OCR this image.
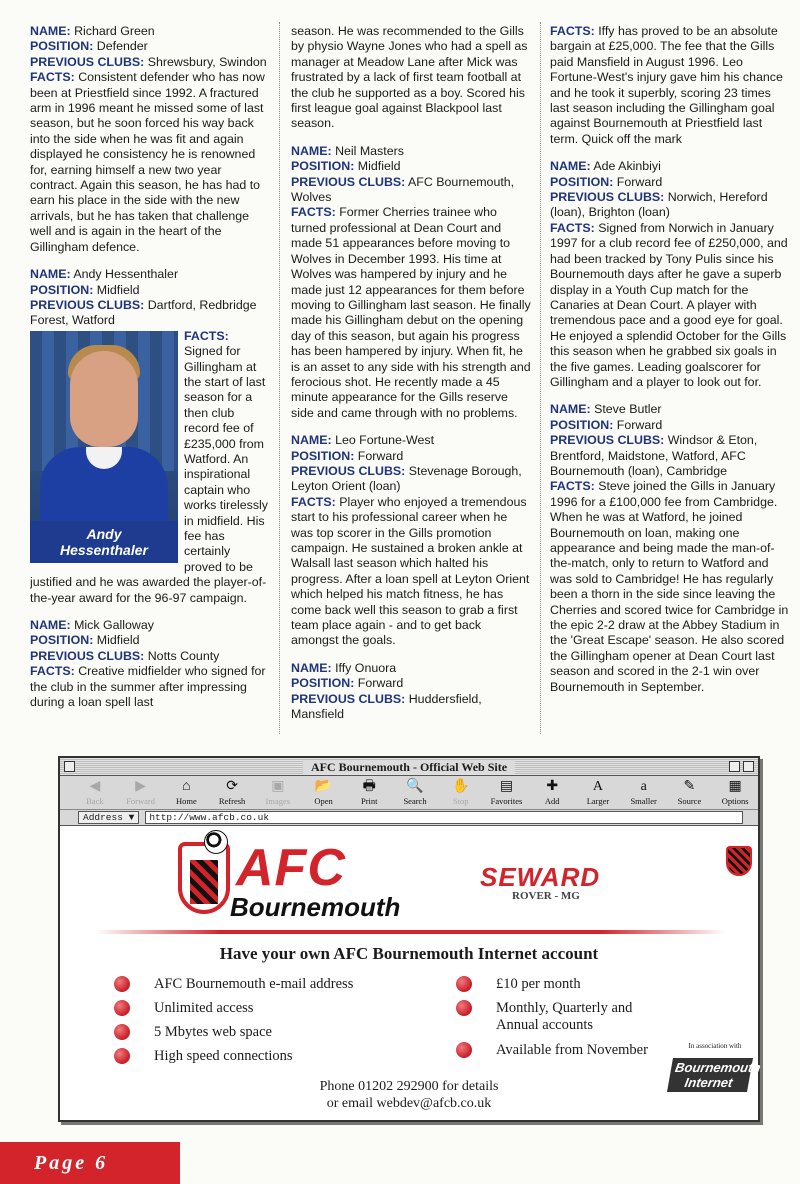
NAME: Richard Green
POSITION: Defender
PREVIOUS CLUBS: Shrewsbury, Swindon
FACTS: Consistent defender who has now been at Priestfield since 1992. A fractured arm in 1996 meant he missed some of last season, but he soon forced his way back into the side when he was fit and again displayed he consistency he is renowned for, earning himself a new two year contract. Again this season, he has had to earn his place in the side with the new arrivals, but he has taken that challenge well and is again in the heart of the Gillingham defence.
NAME: Andy Hessenthaler
POSITION: Midfield
PREVIOUS CLUBS: Dartford, Redbridge Forest, Watford
Andy
Hessenthaler
FACTS: Signed for Gillingham at the start of last season for a then club record fee of £235,000 from Watford. An inspirational captain who works tirelessly in midfield. His fee has certainly proved to be justified and he was awarded the player-of-the-year award for the 96-97 campaign.
NAME: Mick Galloway
POSITION: Midfield
PREVIOUS CLUBS: Notts County
FACTS: Creative midfielder who signed for the club in the summer after impressing during a loan spell last
season. He was recommended to the Gills by physio Wayne Jones who had a spell as manager at Meadow Lane after Mick was frustrated by a lack of first team football at the club he supported as a boy. Scored his first league goal against Blackpool last season.
NAME: Neil Masters
POSITION: Midfield
PREVIOUS CLUBS: AFC Bournemouth, Wolves
FACTS: Former Cherries trainee who turned professional at Dean Court and made 51 appearances before moving to Wolves in December 1993. His time at Wolves was hampered by injury and he made just 12 appearances for them before moving to Gillingham last season. He finally made his Gillingham debut on the opening day of this season, but again his progress has been hampered by injury. When fit, he is an asset to any side with his strength and ferocious shot. He recently made a 45 minute appearance for the Gills reserve side and came through with no problems.
NAME: Leo Fortune-West
POSITION: Forward
PREVIOUS CLUBS: Stevenage Borough, Leyton Orient (loan)
FACTS: Player who enjoyed a tremendous start to his professional career when he was top scorer in the Gills promotion campaign. He sustained a broken ankle at Walsall last season which halted his progress. After a loan spell at Leyton Orient which helped his match fitness, he has come back well this season to grab a first team place again - and to get back amongst the goals.
NAME: Iffy Onuora
POSITION: Forward
PREVIOUS CLUBS: Huddersfield, Mansfield
FACTS: Iffy has proved to be an absolute bargain at £25,000. The fee that the Gills paid Mansfield in August 1996. Leo Fortune-West's injury gave him his chance and he took it superbly, scoring 23 times last season including the Gillingham goal against Bournemouth at Priestfield last term. Quick off the mark
NAME: Ade Akinbiyi
POSITION: Forward
PREVIOUS CLUBS: Norwich, Hereford (loan), Brighton (loan)
FACTS: Signed from Norwich in January 1997 for a club record fee of £250,000, and had been tracked by Tony Pulis since his Bournemouth days after he gave a superb display in a Youth Cup match for the Canaries at Dean Court. A player with tremendous pace and a good eye for goal. He enjoyed a splendid October for the Gills this season when he grabbed six goals in the five games. Leading goalscorer for Gillingham and a player to look out for.
NAME: Steve Butler
POSITION: Forward
PREVIOUS CLUBS: Windsor & Eton, Brentford, Maidstone, Watford, AFC Bournemouth (loan), Cambridge
FACTS: Steve joined the Gills in January 1996 for a £100,000 fee from Cambridge. When he was at Watford, he joined Bournemouth on loan, making one appearance and being made the man-of-the-match, only to return to Watford and was sold to Cambridge! He has regularly been a thorn in the side since leaving the Cherries and scored twice for Cambridge in the epic 2-2 draw at the Abbey Stadium in the 'Great Escape' season. He also scored the Gillingham opener at Dean Court last season and scored in the 2-1 win over Bournemouth in September.
AFC Bournemouth - Official Web Site
◀
Back
▶
Forward
⌂
Home
⟳
Refresh
▣
Images
📂
Open
🖶
Print
🔍
Search
✋
Stop
▤
Favorites
✚
Add
A
Larger
a
Smaller
✎
Source
▦
Options
Address ▼	http://www.afcb.co.uk
AFC
Bournemouth
SEWARD
ROVER - MG
Have your own AFC Bournemouth Internet account
AFC Bournemouth e-mail address
Unlimited access
5 Mbytes web space
High speed connections
£10 per month
Monthly, Quarterly and Annual accounts
Available from November	In association with
Bournemouth Internet
Phone 01202 292900 for details
or email webdev@afcb.co.uk
Page 6
